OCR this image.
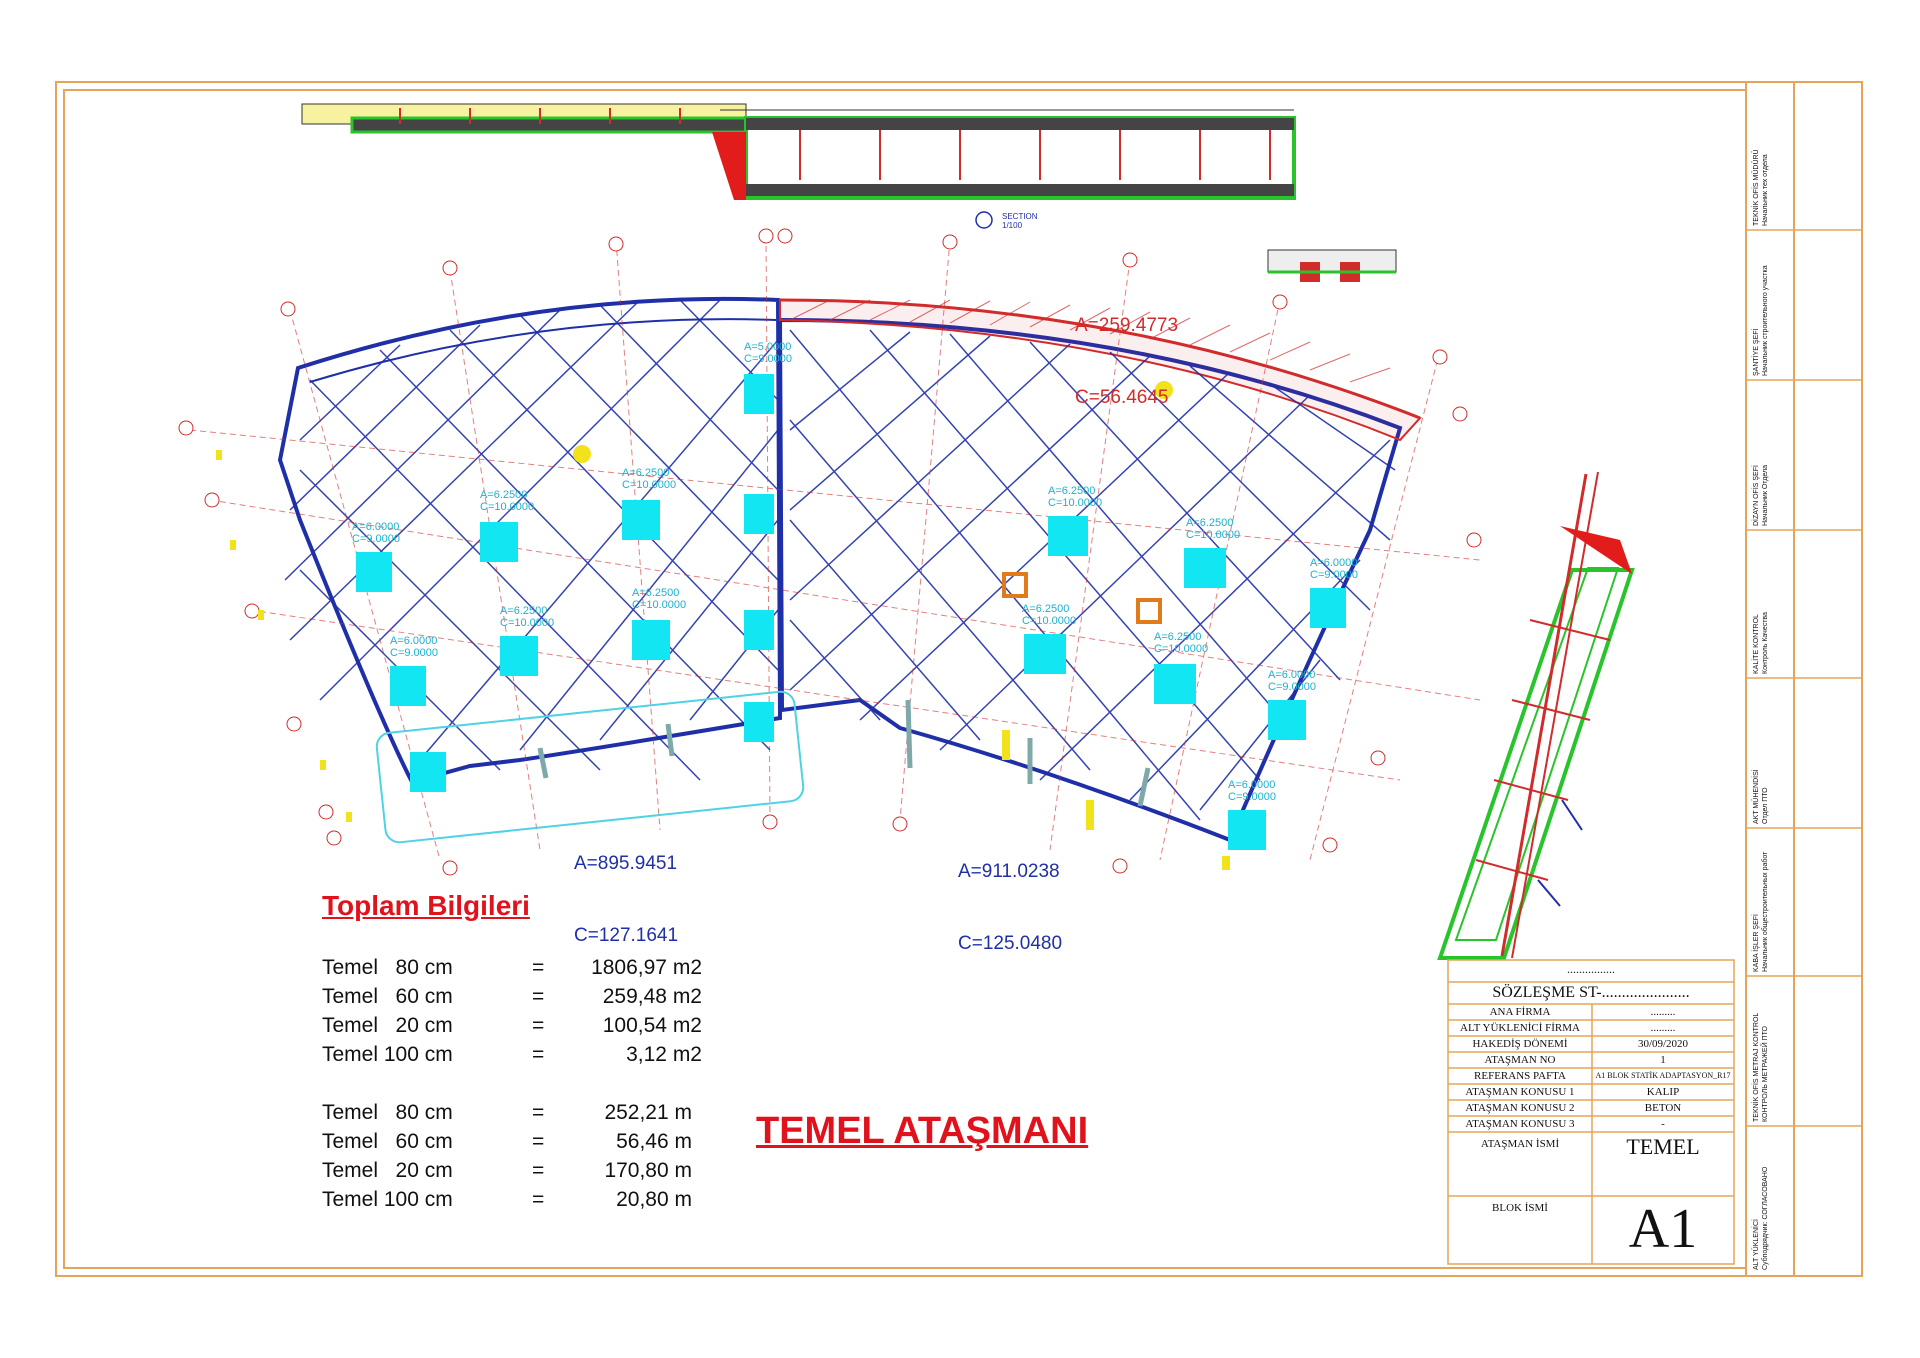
A=6.0000
C=9.0000
A=6.2500
C=10.0000
A=6.2500
C=10.0000
A=5.0000
C=9.0000
A=6.2500
C=10.0000
A=6.2500
C=10.0000
A=6.0000
C=9.0000
A=6.0000
C=9.0000
A=6.2500
C=10.0000
A=6.2500
C=10.0000	A=6.2500
C=10.0000
A=6.2500
C=10.0000
A=6.0000
C=9.0000
A=6.0000
C=9.0000

A=259.4773

C=56.4645

A=895.9451

C=127.1641

A=911.0238

C=125.0480

SECTION 1/100
Toplam Bilgileri
Temel   80 cm	=	1806,97 m2
Temel   60 cm	=	259,48 m2
Temel   20 cm	=	100,54 m2
Temel 100 cm	=	3,12 m2
Temel   80 cm	=	252,21 m
Temel   60 cm	=	56,46 m
Temel   20 cm	=	170,80 m
Temel 100 cm	=	20,80 m
TEMEL ATAŞMANI
................
SÖZLEŞME ST-......................
ANA FİRMA	.........
ALT YÜKLENİCİ FİRMA	.........
HAKEDİŞ DÖNEMİ	30/09/2020
ATAŞMAN NO	1
REFERANS PAFTA	A1 BLOK STATİK ADAPTASYON_R17
ATAŞMAN KONUSU 1	KALIP
ATAŞMAN KONUSU 2	BETON
ATAŞMAN KONUSU 3	-
ATAŞMAN İSMİ	TEMEL
BLOK İSMİ	A1
TEKNİK OFİS MÜDÜRÜ Начальник тех отдела
ŞANTİYE ŞEFİ Начальник строительного участка
DİZAYN OFİS ŞEFİ Начальник Отдела
KALİTE KONTROL Контроль Качества
AKT MÜHENDİSİ Отдел ПТО
KABA İŞLER ŞEFİ Начальник общестроительных работ
TEKNİK OFİS METRAJ KONTROL КОНТРОЛЬ МЕТРАЖЕЙ ПТО
ALT YÜKLENİCİ Субподрядчик: СОГЛАСОВАНО
